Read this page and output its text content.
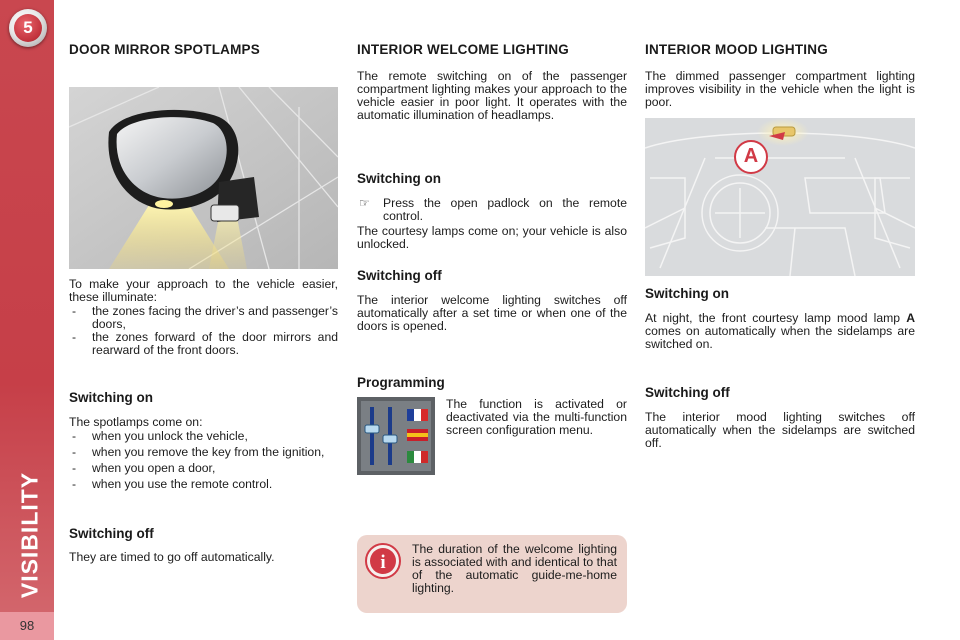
5
VISIBILITY
98
DOOR MIRROR SPOTLAMPS

To make your approach to the vehicle easier, these illuminate:

- the zones facing the driver’s and passenger’s doors,
- the zones forward of the door mirrors and rearward of the front doors.
Switching on

The spotlamps come on:

- when you unlock the vehicle,
- when you remove the key from the ignition,
- when you open a door,
- when you use the remote control.
Switching off

They are timed to go off automatically.

INTERIOR WELCOME LIGHTING

The remote switching on of the passenger compartment lighting makes your approach to the vehicle easier in poor light. It operates with the automatic illumination of headlamps.

Switching on
☞ Press the open padlock on the remote control.

The courtesy lamps come on; your vehicle is also unlocked.

Switching off

The interior welcome lighting switches off automatically after a set time or when one of the doors is opened.

Programming

The function is activated or deactivated via the multi-function screen configuration menu.

i

The duration of the welcome lighting is associated with and identical to that of the automatic guide-me-home lighting.

INTERIOR MOOD LIGHTING

The dimmed passenger compartment lighting improves visibility in the vehicle when the light is poor.

A
Switching on

At night, the front courtesy lamp mood lamp A comes on automatically when the sidelamps are switched on.

Switching off

The interior mood lighting switches off automatically when the sidelamps are switched off.
